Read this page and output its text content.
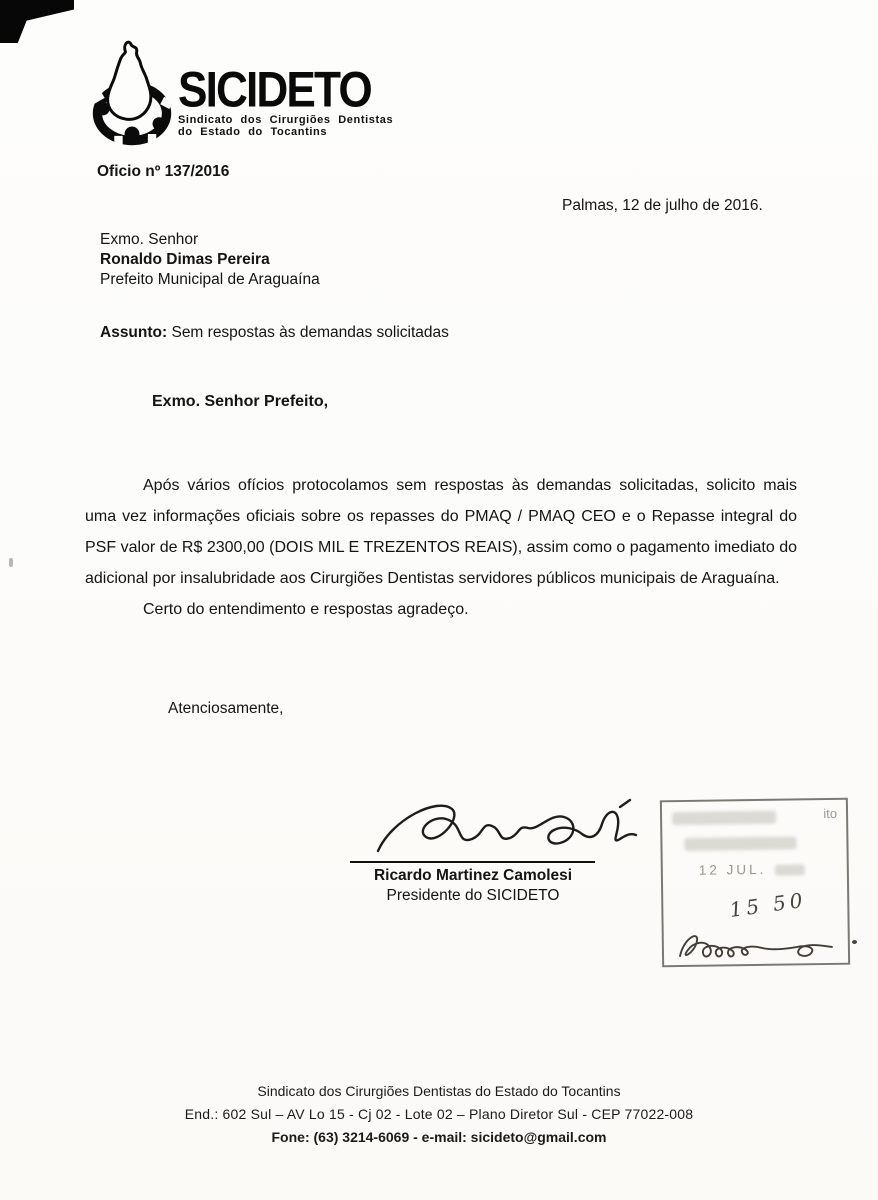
SICIDETO
Sindicato dos Cirurgiões Dentistas
do Estado do Tocantins
Oficio nº 137/2016
Palmas, 12 de julho de 2016.
Exmo. Senhor
Ronaldo Dimas Pereira
Prefeito Municipal de Araguaína
Assunto: Sem respostas às demandas solicitadas
Exmo. Senhor Prefeito,

Após vários ofícios protocolamos sem respostas às demandas solicitadas, solicito mais uma vez informações oficiais sobre os repasses do PMAQ / PMAQ CEO e o Repasse integral do PSF valor de R$ 2300,00 (DOIS MIL E TREZENTOS REAIS), assim como o pagamento imediato do adicional por insalubridade aos Cirurgiões Dentistas servidores públicos municipais de Araguaína.

Certo do entendimento e respostas agradeço.

Atenciosamente,
Ricardo Martinez Camolesi
Presidente do SICIDETO
ito
12 JUL.
15 50
Sindicato dos Cirurgiões Dentistas do Estado do Tocantins
End.: 602 Sul – AV Lo 15 - Cj 02 - Lote 02 – Plano Diretor Sul - CEP 77022-008
Fone: (63) 3214-6069 - e-mail: sicideto@gmail.com
